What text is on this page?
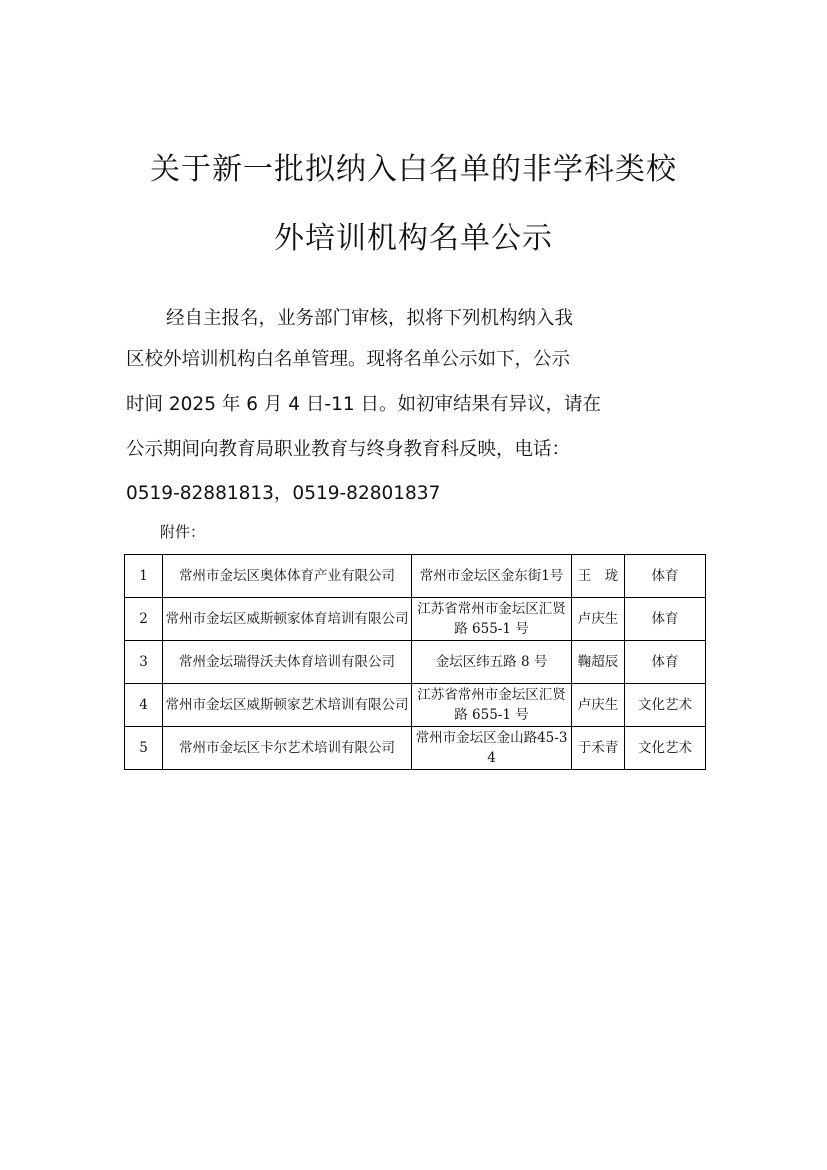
关于新一批拟纳入白名单的非学科类校
外培训机构名单公示
经自主报名，业务部门审核，拟将下列机构纳入我
区校外培训机构白名单管理。现将名单公示如下，公示
时间 2025 年 6 月 4 日-11 日。如初审结果有异议，请在
公示期间向教育局职业教育与终身教育科反映，电话：
0519-82881813，0519-82801837
附件：
1	常州市金坛区奥体体育产业有限公司	常州市金坛区金东街1号	王　珑	体育
2	常州市金坛区威斯顿家体育培训有限公司	江苏省常州市金坛区汇贤路 655-1 号	卢庆生	体育
3	常州金坛瑞得沃夫体育培训有限公司	金坛区纬五路 8 号	鞠超辰	体育
4	常州市金坛区威斯顿家艺术培训有限公司	江苏省常州市金坛区汇贤路 655-1 号	卢庆生	文化艺术
5	常州市金坛区卡尔艺术培训有限公司	常州市金坛区金山路45-34	于禾青	文化艺术
